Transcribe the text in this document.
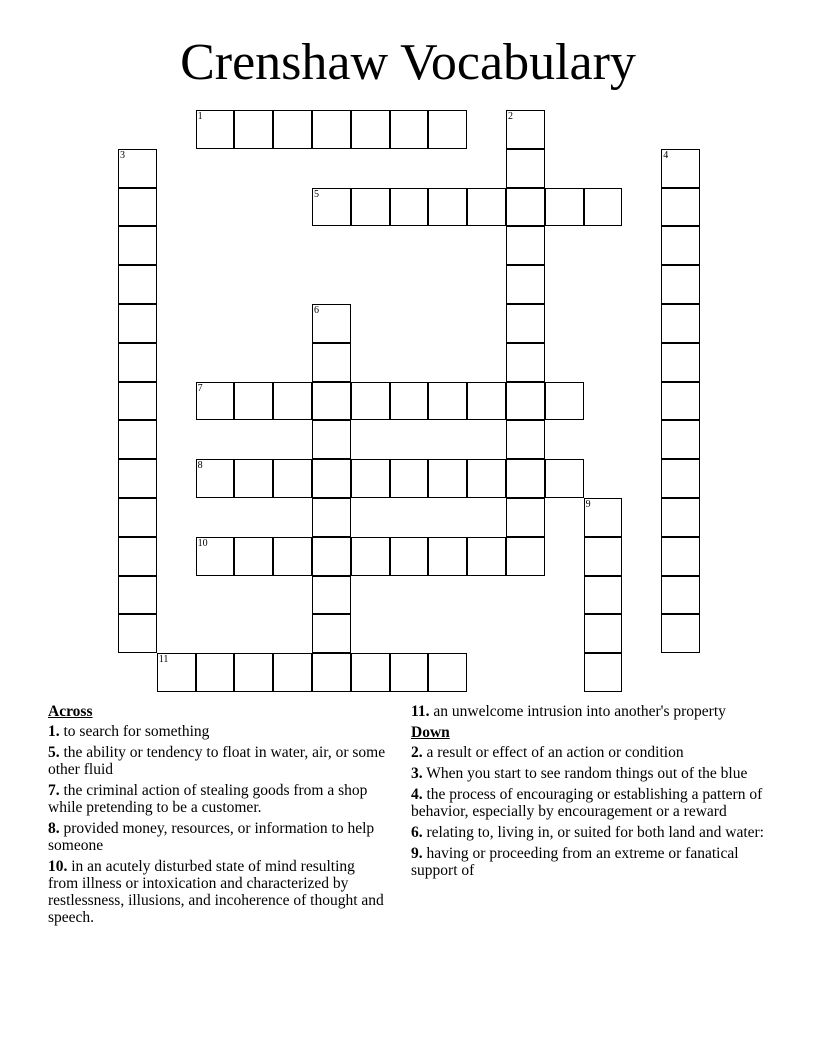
Crenshaw Vocabulary
1	2
3	4
5
6
7
8
9
10
11
Across
1. to search for something
5. the ability or tendency to float in water, air, or some other fluid
7. the criminal action of stealing goods from a shop while pretending to be a customer.
8. provided money, resources, or information to help someone
10. in an acutely disturbed state of mind resulting from illness or intoxication and characterized by restlessness, illusions, and incoherence of thought and speech.
11. an unwelcome intrusion into another's property
Down
2. a result or effect of an action or condition
3. When you start to see random things out of the blue
4. the process of encouraging or establishing a pattern of behavior, especially by encouragement or a reward
6. relating to, living in, or suited for both land and water:
9. having or proceeding from an extreme or fanatical support of
